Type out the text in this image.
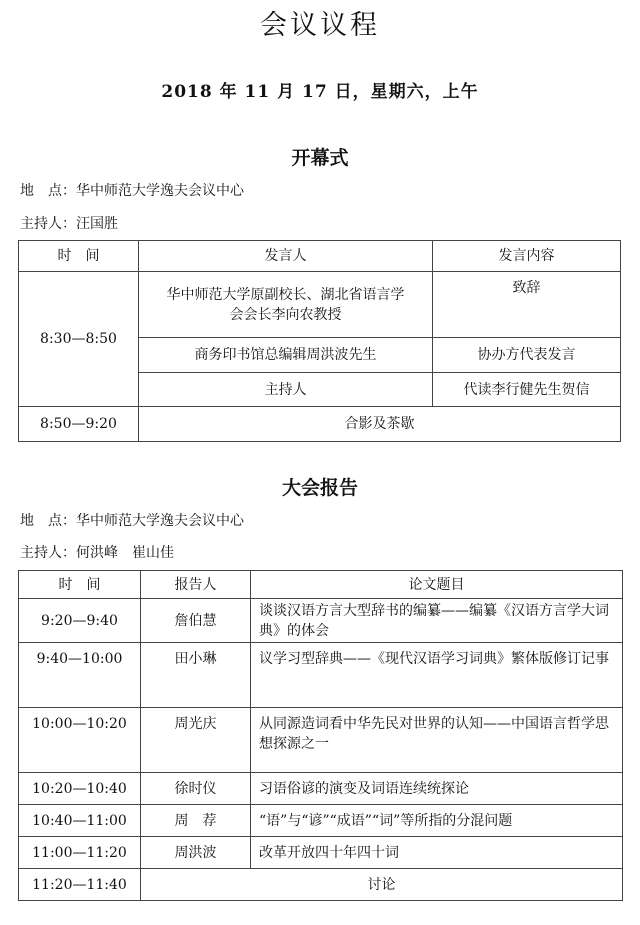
会议议程
2018 年 11 月 17 日，星期六，上午
开幕式
地　点：华中师范大学逸夫会议中心
主持人：汪国胜
时　间	发言人	发言内容
8:30—8:50	华中师范大学原副校长、湖北省语言学会会长李向农教授	致辞
	商务印书馆总编辑周洪波先生	协办方代表发言
	主持人	代读李行健先生贺信
8:50—9:20	合影及茶歇	
大会报告
地　点：华中师范大学逸夫会议中心
主持人：何洪峰　崔山佳
时　间	报告人	论文题目
9:20—9:40	詹伯慧	谈谈汉语方言大型辞书的编纂——编纂《汉语方言学大词典》的体会
9:40—10:00	田小琳	议学习型辞典——《现代汉语学习词典》繁体版修订记事
10:00—10:20	周光庆	从同源造词看中华先民对世界的认知——中国语言哲学思想探源之一
10:20—10:40	徐时仪	习语俗谚的演变及词语连续统探论
10:40—11:00	周　荐	“语”与“谚”“成语”“词”等所指的分混问题
11:00—11:20	周洪波	改革开放四十年四十词
11:20—11:40	讨论	
